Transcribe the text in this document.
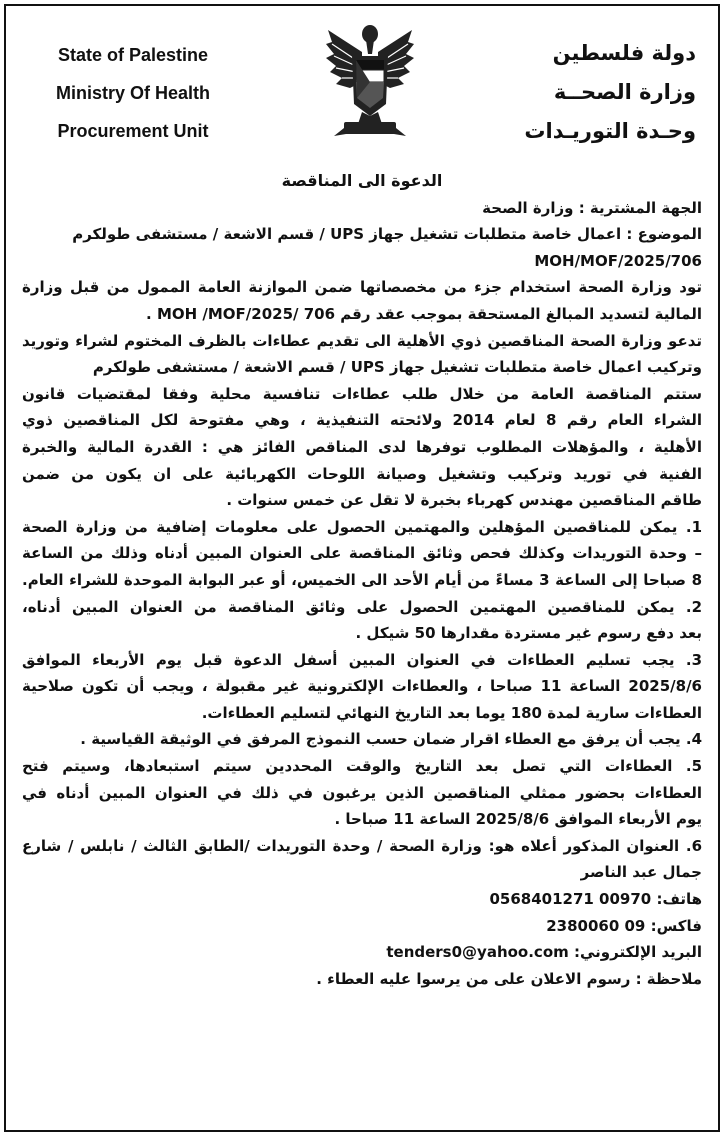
State of Palestine
Ministry Of Health
Procurement Unit
دولة فلسطين
وزارة الصحــة
وحـدة التوريـدات
الدعوة الى المناقصة
الجهة المشترية : وزارة الصحة
الموضوع : اعمال خاصة متطلبات تشغيل جهاز UPS / قسم الاشعة / مستشفى طولكرم
MOH/MOF/2025/706
تود وزارة الصحة استخدام جزء من مخصصاتها ضمن الموازنة العامة الممول من قبل وزارة
المالية لتسديد المبالغ المستحقة بموجب عقد رقم 706 /MOH /MOF/2025 .
تدعو وزارة الصحة المناقصين ذوي الأهلية الى تقديم عطاءات بالظرف المختوم لشراء وتوريد
وتركيب اعمال خاصة متطلبات تشغيل جهاز UPS / قسم الاشعة / مستشفى طولكرم
ستتم المناقصة العامة من خلال طلب عطاءات تنافسية محلية وفقا لمقتضيات قانون
الشراء العام رقم 8 لعام 2014 ولائحته التنفيذية ، وهي مفتوحة لكل المناقصين ذوي
الأهلية ، والمؤهلات المطلوب توفرها لدى المناقص الفائز هي : القدرة المالية والخبرة
الفنية في توريد وتركيب وتشغيل وصيانة اللوحات الكهربائية على ان يكون من ضمن
طاقم المناقصين مهندس كهرباء بخبرة لا تقل عن خمس سنوات .
1. يمكن للمناقصين المؤهلين والمهتمين الحصول على معلومات إضافية من وزارة الصحة
– وحدة التوريدات وكذلك فحص وثائق المناقصة على العنوان المبين أدناه وذلك من الساعة
8 صباحا إلى الساعة 3 مساءً من أيام الأحد الى الخميس، أو عبر البوابة الموحدة للشراء العام.
2. يمكن للمناقصين المهتمين الحصول على وثائق المناقصة من العنوان المبين أدناه،
بعد دفع رسوم غير مستردة مقدارها 50 شيكل .
3. يجب تسليم العطاءات في العنوان المبين أسفل الدعوة قبل يوم الأربعاء الموافق
2025/8/6 الساعة 11 صباحا ، والعطاءات الإلكترونية غير مقبولة ، ويجب أن تكون صلاحية
العطاءات سارية لمدة 180 يوما بعد التاريخ النهائي لتسليم العطاءات.
4. يجب أن يرفق مع العطاء اقرار ضمان حسب النموذج المرفق في الوثيقة القياسية .
5. العطاءات التي تصل بعد التاريخ والوقت المحددين سيتم استبعادها، وسيتم فتح
العطاءات بحضور ممثلي المناقصين الذين يرغبون في ذلك في العنوان المبين أدناه في
يوم الأربعاء الموافق 2025/8/6 الساعة 11 صباحا .
6. العنوان المذكور أعلاه هو: وزارة الصحة / وحدة التوريدات /الطابق الثالث / نابلس / شارع
جمال عبد الناصر
هاتف: 0568401271 00970
فاكس: 2380060 09
البريد الإلكتروني: tenders0@yahoo.com
ملاحظة : رسوم الاعلان على من يرسوا عليه العطاء .
